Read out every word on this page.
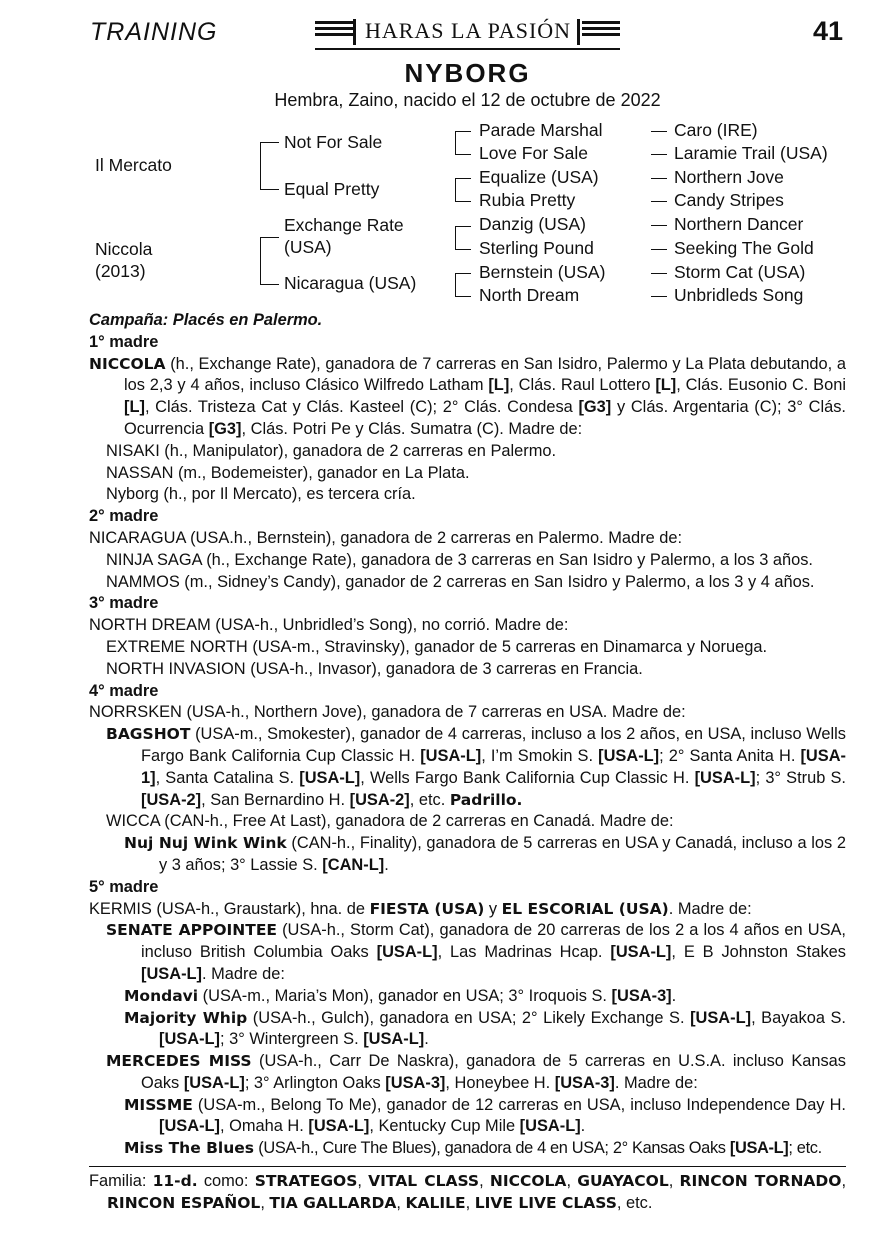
TRAINING	HARAS LA PASIÓN	41
NYBORG
Hembra, Zaino, nacido el 12 de octubre de 2022
Il Mercato
Niccola
(2013)
Not For Sale
Equal Pretty
Exchange Rate
(USA)
Nicaragua (USA)
Parade Marshal
Love For Sale
Equalize (USA)
Rubia Pretty
Danzig (USA)
Sterling Pound
Bernstein (USA)
North Dream
Caro (IRE)
Laramie Trail (USA)
Northern Jove
Candy Stripes
Northern Dancer
Seeking The Gold
Storm Cat (USA)
Unbridleds Song

Campaña: Placés en Palermo.

1° madre

NICCOLA (h., Exchange Rate), ganadora de 7 carreras en San Isidro, Palermo y La Plata debutando, a los 2,3 y 4 años, incluso Clásico Wilfredo Latham [L], Clás. Raul Lottero [L], Clás. Eusonio C. Boni [L], Clás. Tristeza Cat y Clás. Kasteel (C); 2° Clás. Condesa [G3] y Clás. Argentaria (C); 3° Clás. Ocurrencia [G3], Clás. Potri Pe y Clás. Sumatra (C). Madre de:

NISAKI (h., Manipulator), ganadora de 2 carreras en Palermo.

NASSAN (m., Bodemeister), ganador en La Plata.

Nyborg (h., por Il Mercato), es tercera cría.

2° madre

NICARAGUA (USA.h., Bernstein), ganadora de 2 carreras en Palermo. Madre de:

NINJA SAGA (h., Exchange Rate), ganadora de 3 carreras en San Isidro y Palermo, a los 3 años.

NAMMOS (m., Sidney’s Candy), ganador de 2 carreras en San Isidro y Palermo, a los 3 y 4 años.

3° madre

NORTH DREAM (USA-h., Unbridled’s Song), no corrió. Madre de:

EXTREME NORTH (USA-m., Stravinsky), ganador de 5 carreras en Dinamarca y Noruega.

NORTH INVASION (USA-h., Invasor), ganadora de 3 carreras en Francia.

4° madre

NORRSKEN (USA-h., Northern Jove), ganadora de 7 carreras en USA. Madre de:

BAGSHOT (USA-m., Smokester), ganador de 4 carreras, incluso a los 2 años, en USA, incluso Wells Fargo Bank California Cup Classic H. [USA-L], I’m Smokin S. [USA-L]; 2° Santa Anita H. [USA-1], Santa Catalina S. [USA-L], Wells Fargo Bank California Cup Classic H. [USA-L]; 3° Strub S. [USA-2], San Bernardino H. [USA-2], etc. Padrillo.

WICCA (CAN-h., Free At Last), ganadora de 2 carreras en Canadá. Madre de:

Nuj Nuj Wink Wink (CAN-h., Finality), ganadora de 5 carreras en USA y Canadá, incluso a los 2 y 3 años; 3° Lassie S. [CAN-L].

5° madre

KERMIS (USA-h., Graustark), hna. de FIESTA (USA) y EL ESCORIAL (USA). Madre de:

SENATE APPOINTEE (USA-h., Storm Cat), ganadora de 20 carreras de los 2 a los 4 años en USA, incluso British Columbia Oaks [USA-L], Las Madrinas Hcap. [USA-L], E B Johnston Stakes [USA-L]. Madre de:

Mondavi (USA-m., Maria’s Mon), ganador en USA; 3° Iroquois S. [USA-3].

Majority Whip (USA-h., Gulch), ganadora en USA; 2° Likely Exchange S. [USA-L], Bayakoa S. [USA-L]; 3° Wintergreen S. [USA-L].

MERCEDES MISS (USA-h., Carr De Naskra), ganadora de 5 carreras en U.S.A. incluso Kansas Oaks [USA-L]; 3° Arlington Oaks [USA-3], Honeybee H. [USA-3]. Madre de:

MISSME (USA-m., Belong To Me), ganador de 12 carreras en USA, incluso Independence Day H. [USA-L], Omaha H. [USA-L], Kentucky Cup Mile [USA-L].

Miss The Blues (USA-h., Cure The Blues), ganadora de 4 en USA; 2° Kansas Oaks [USA-L]; etc.

Familia: 11-d. como: STRATEGOS, VITAL CLASS, NICCOLA, GUAYACOL, RINCON TORNADO, RINCON ESPAÑOL, TIA GALLARDA, KALILE, LIVE LIVE CLASS, etc.
